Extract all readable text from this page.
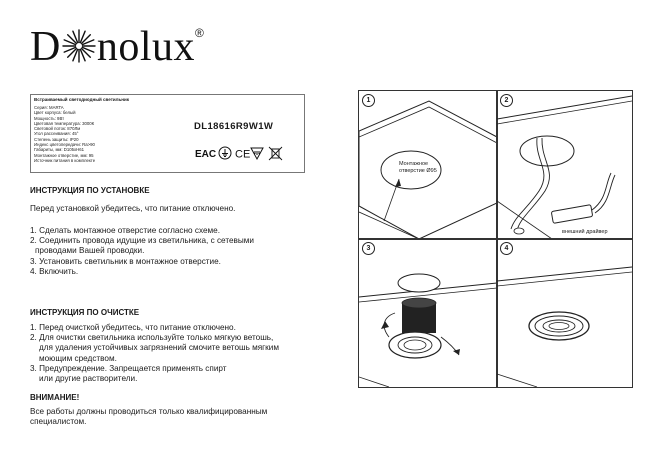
D nolux®
Встраиваемый светодиодный светильник
Серия: MARTA
Цвет корпуса: белый
Мощность: 9Вт
Цветовая температура: 3000К
Световой поток: 870Лм
Угол рассеивания: 45°
Степень защиты: IP20
Индекс цветопередачи: Ra>90
Габариты, мм: D105хH61
Монтажное отверстие, мм: 95
Источник питания в комплекте
DL18616R9W1W
EAC CE
ИНСТРУКЦИЯ ПО УСТАНОВКЕ
Перед установкой убедитесь, что питание отключено.
1. Сделать монтажное отверстие согласно схеме.
2. Соединить провода идущие из светильника, с сетевыми
проводами Вашей проводки.
3. Установить светильник в монтажное отверстие.
4. Включить.
ИНСТРУКЦИЯ ПО ОЧИСТКЕ
1. Перед очисткой убедитесь, что питание отключено.
2. Для очистки светильника используйте только мягкую ветошь,
для удаления устойчивых загрязнений смочите ветошь мягким
моющим средством.
3. Предупреждение. Запрещается применять спирт
или другие растворители.
ВНИМАНИЕ!
Все работы должны проводиться только квалифицированным
специалистом.
1
Монтажное
отверстие Ø95
2
внешний драйвер
3	4
